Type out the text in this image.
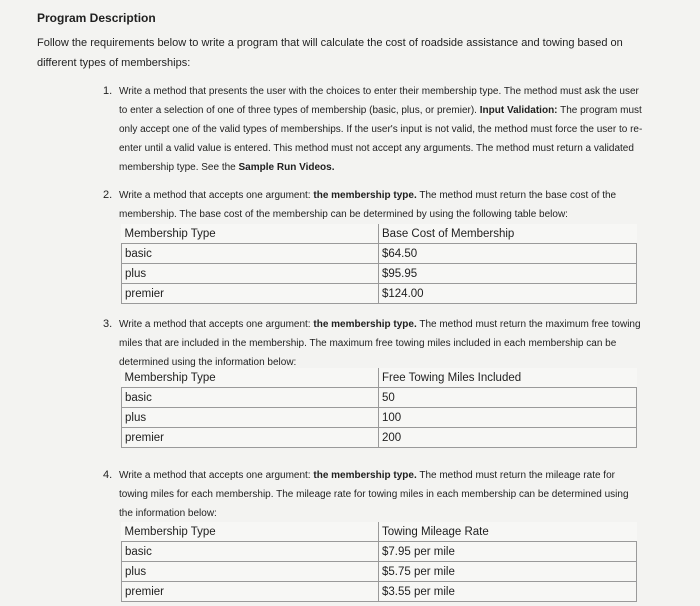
Program Description
Follow the requirements below to write a program that will calculate the cost of roadside assistance and towing based on different types of memberships:
1. Write a method that presents the user with the choices to enter their membership type. The method must ask the user to enter a selection of one of three types of membership (basic, plus, or premier). Input Validation: The program must only accept one of the valid types of memberships. If the user's input is not valid, the method must force the user to re-enter until a valid value is entered. This method must not accept any arguments. The method must return a validated membership type. See the Sample Run Videos.
2. Write a method that accepts one argument: the membership type. The method must return the base cost of the membership. The base cost of the membership can be determined by using the following table below:
Membership Type	Base Cost of Membership
basic	$64.50
plus	$95.95
premier	$124.00
3. Write a method that accepts one argument: the membership type. The method must return the maximum free towing miles that are included in the membership. The maximum free towing miles included in each membership can be determined using the information below:
Membership Type	Free Towing Miles Included
basic	50
plus	100
premier	200
4. Write a method that accepts one argument: the membership type. The method must return the mileage rate for towing miles for each membership. The mileage rate for towing miles in each membership can be determined using the information below:
Membership Type	Towing Mileage Rate
basic	$7.95 per mile
plus	$5.75 per mile
premier	$3.55 per mile
